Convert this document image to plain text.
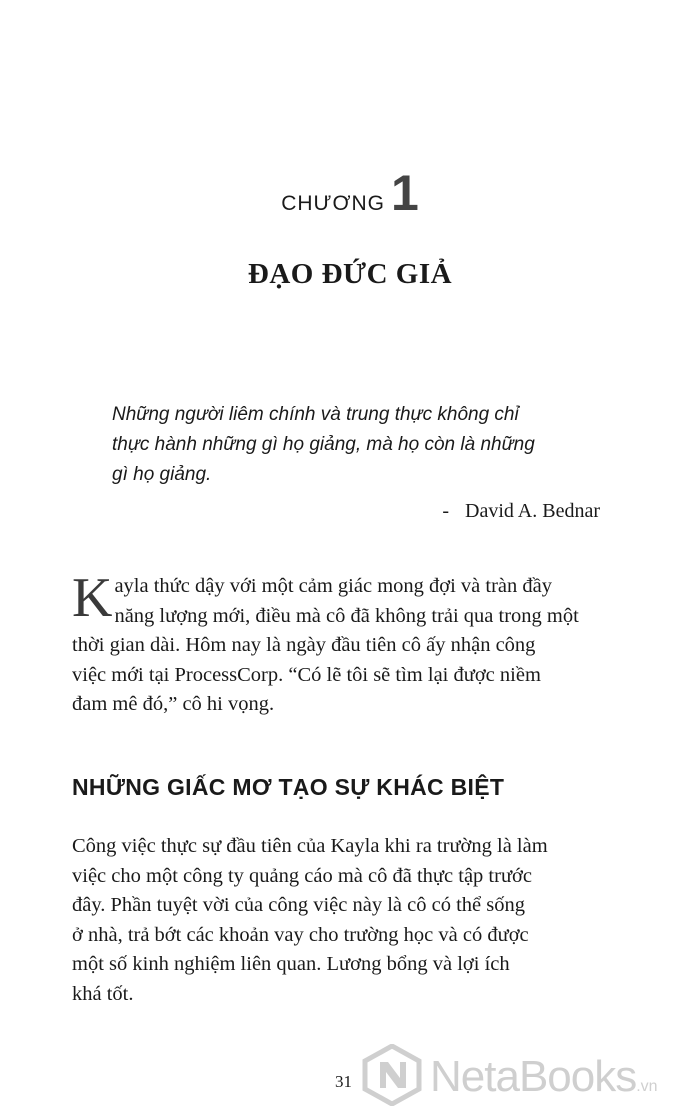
CHƯƠNG 1
ĐẠO ĐỨC GIẢ

Những người liêm chính và trung thực không chỉ
thực hành những gì họ giảng, mà họ còn là những
gì họ giảng.

- David A. Bednar
K ayla thức dậy với một cảm giác mong đợi và tràn đầy
năng lượng mới, điều mà cô đã không trải qua trong một
thời gian dài. Hôm nay là ngày đầu tiên cô ấy nhận công
việc mới tại ProcessCorp. “Có lẽ tôi sẽ tìm lại được niềm
đam mê đó,” cô hi vọng.
NHỮNG GIẤC MƠ TẠO SỰ KHÁC BIỆT
Công việc thực sự đầu tiên của Kayla khi ra trường là làm
việc cho một công ty quảng cáo mà cô đã thực tập trước
đây. Phần tuyệt vời của công việc này là cô có thể sống
ở nhà, trả bớt các khoản vay cho trường học và có được
một số kinh nghiệm liên quan. Lương bổng và lợi ích
khá tốt.
31 NetaBooks.vn
